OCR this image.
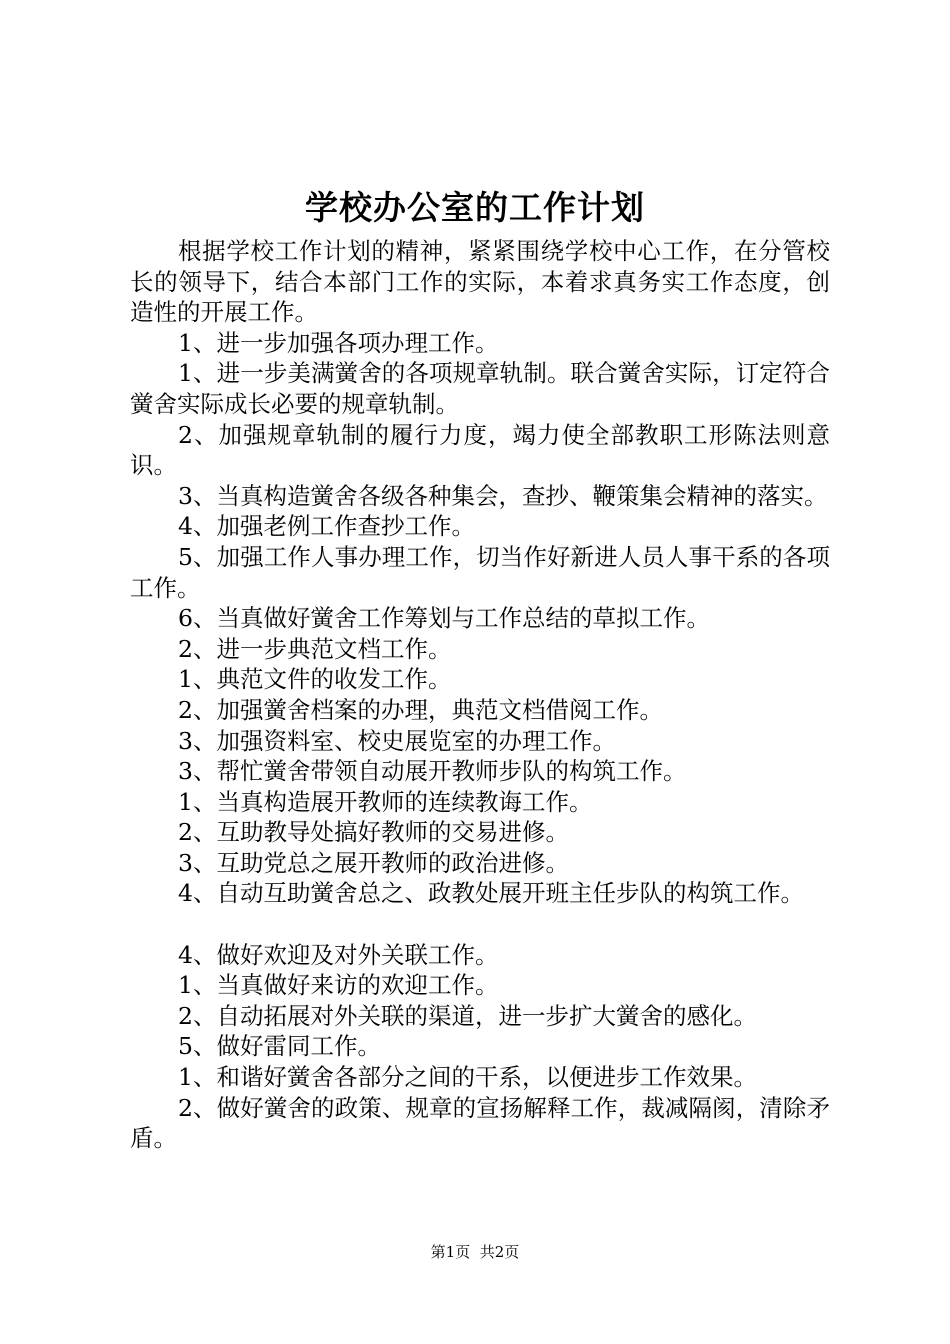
学校办公室的工作计划

根据学校工作计划的精神，紧紧围绕学校中心工作，在分管校长的领导下，结合本部门工作的实际，本着求真务实工作态度，创造性的开展工作。

1、进一步加强各项办理工作。

1、进一步美满黉舍的各项规章轨制。联合黉舍实际，订定符合黉舍实际成长必要的规章轨制。

2、加强规章轨制的履行力度，竭力使全部教职工形陈法则意识。

3、当真构造黉舍各级各种集会，查抄、鞭策集会精神的落实。

4、加强老例工作查抄工作。

5、加强工作人事办理工作，切当作好新进人员人事干系的各项工作。

6、当真做好黉舍工作筹划与工作总结的草拟工作。

2、进一步典范文档工作。

1、典范文件的收发工作。

2、加强黉舍档案的办理，典范文档借阅工作。

3、加强资料室、校史展览室的办理工作。

3、帮忙黉舍带领自动展开教师步队的构筑工作。

1、当真构造展开教师的连续教诲工作。

2、互助教导处搞好教师的交易进修。

3、互助党总之展开教师的政治进修。

4、自动互助黉舍总之、政教处展开班主任步队的构筑工作。

4、做好欢迎及对外关联工作。

1、当真做好来访的欢迎工作。

2、自动拓展对外关联的渠道，进一步扩大黉舍的感化。

5、做好雷同工作。

1、和谐好黉舍各部分之间的干系，以便进步工作效果。

2、做好黉舍的政策、规章的宣扬解释工作，裁减隔阂，清除矛盾。

第1页 共2页
